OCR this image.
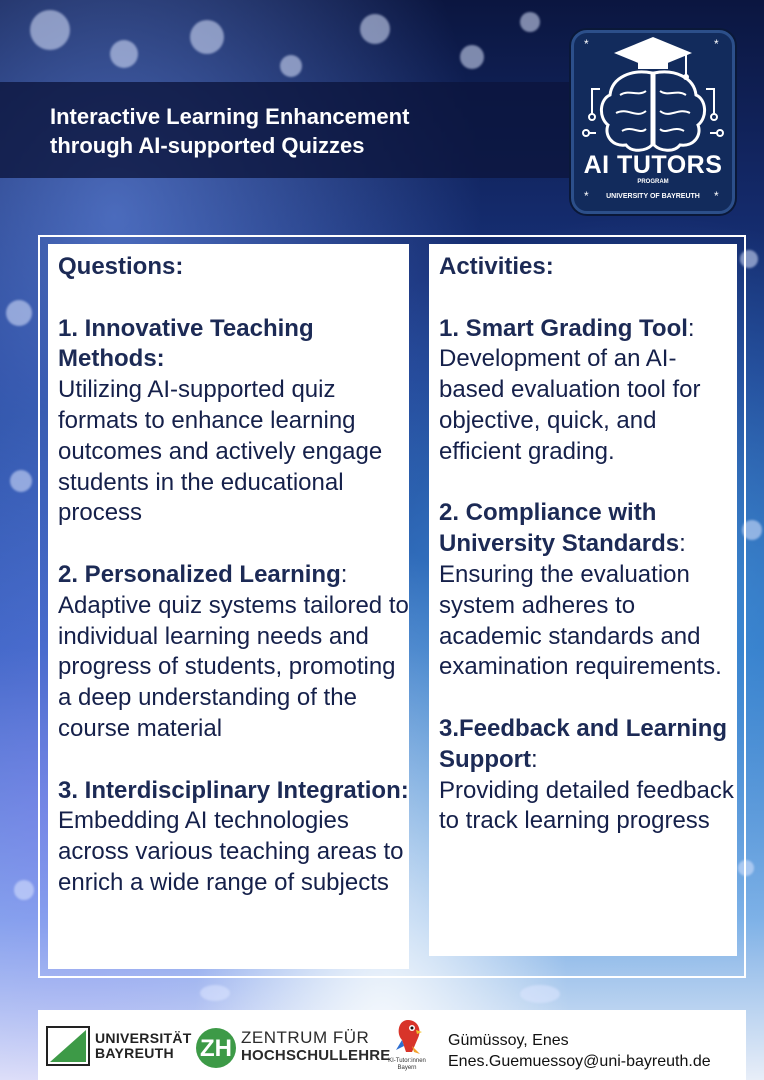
Interactive Learning Enhancement
through AI-supported Quizzes
*	*
*	*
AI TUTORS
PROGRAM
UNIVERSITY OF BAYREUTH

Questions:

1. Innovative Teaching Methods:
Utilizing AI-supported quiz formats to enhance learning outcomes and actively engage students in the educational process

2. Personalized Learning:
Adaptive quiz systems tailored to individual learning needs and progress of students, promoting a deep understanding of the course material

3. Interdisciplinary Integration: Embedding AI technologies across various teaching areas to enrich a wide range of subjects

Activities:

1. Smart Grading Tool:
Development of an AI-based evaluation tool for objective, quick, and efficient grading.

2. Compliance with University Standards:
Ensuring the evaluation system adheres to academic standards and examination requirements.

3.Feedback and Learning Support:
Providing detailed feedback to track learning progress

UNIVERSITÄT
BAYREUTH	ZH ZENTRUM FÜR
HOCHSCHULLEHRE
KI-Tutor:innen
Bayern
Gümüssoy, Enes
Enes.Guemuessoy@uni-bayreuth.de
